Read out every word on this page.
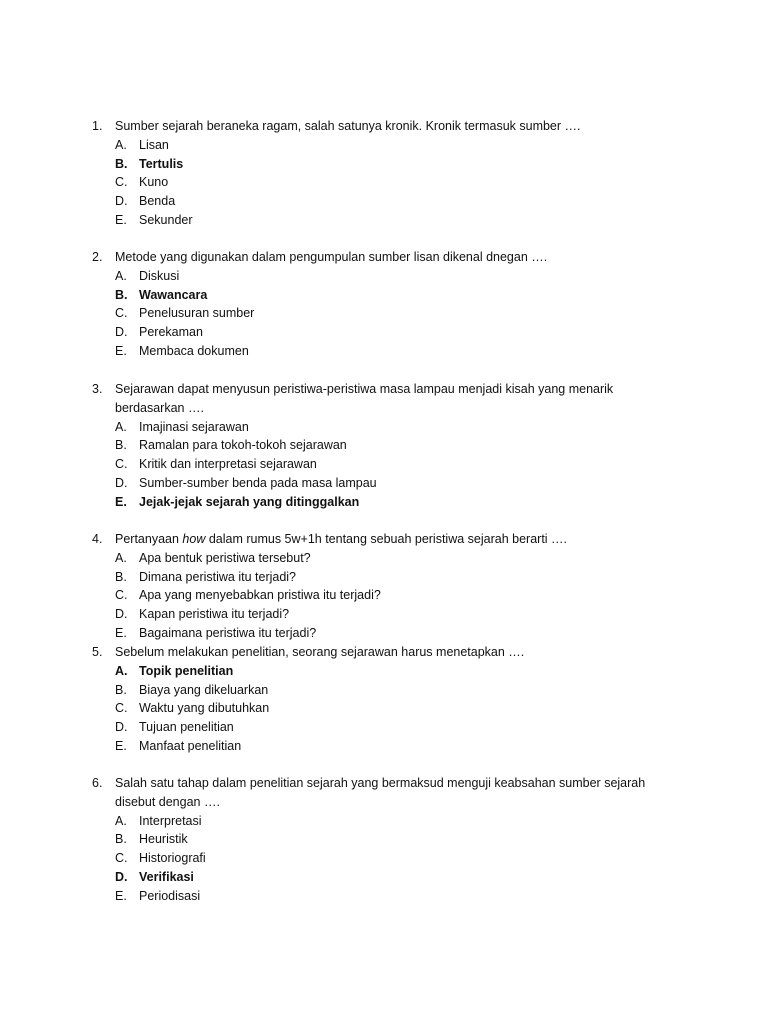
1.	Sumber sejarah beraneka ragam, salah satunya kronik. Kronik termasuk sumber ….
A. Lisan
B. Tertulis
C. Kuno
D. Benda
E. Sekunder
2.	Metode yang digunakan dalam pengumpulan sumber lisan dikenal dnegan ….
A. Diskusi
B. Wawancara
C. Penelusuran sumber
D. Perekaman
E. Membaca dokumen
3.	Sejarawan dapat menyusun peristiwa-peristiwa masa lampau menjadi kisah yang menarik
berdasarkan ….
A. Imajinasi sejarawan
B. Ramalan para tokoh-tokoh sejarawan
C. Kritik dan interpretasi sejarawan
D. Sumber-sumber benda pada masa lampau
E. Jejak-jejak sejarah yang ditinggalkan
4.	Pertanyaan how dalam rumus 5w+1h tentang sebuah peristiwa sejarah berarti ….
A. Apa bentuk peristiwa tersebut?
B. Dimana peristiwa itu terjadi?
C. Apa yang menyebabkan pristiwa itu terjadi?
D. Kapan peristiwa itu terjadi?
E. Bagaimana peristiwa itu terjadi?
5.	Sebelum melakukan penelitian, seorang sejarawan harus menetapkan ….
A. Topik penelitian
B. Biaya yang dikeluarkan
C. Waktu yang dibutuhkan
D. Tujuan penelitian
E. Manfaat penelitian
6.	Salah satu tahap dalam penelitian sejarah yang bermaksud menguji keabsahan sumber sejarah
disebut dengan ….
A. Interpretasi
B. Heuristik
C. Historiografi
D. Verifikasi
E. Periodisasi
